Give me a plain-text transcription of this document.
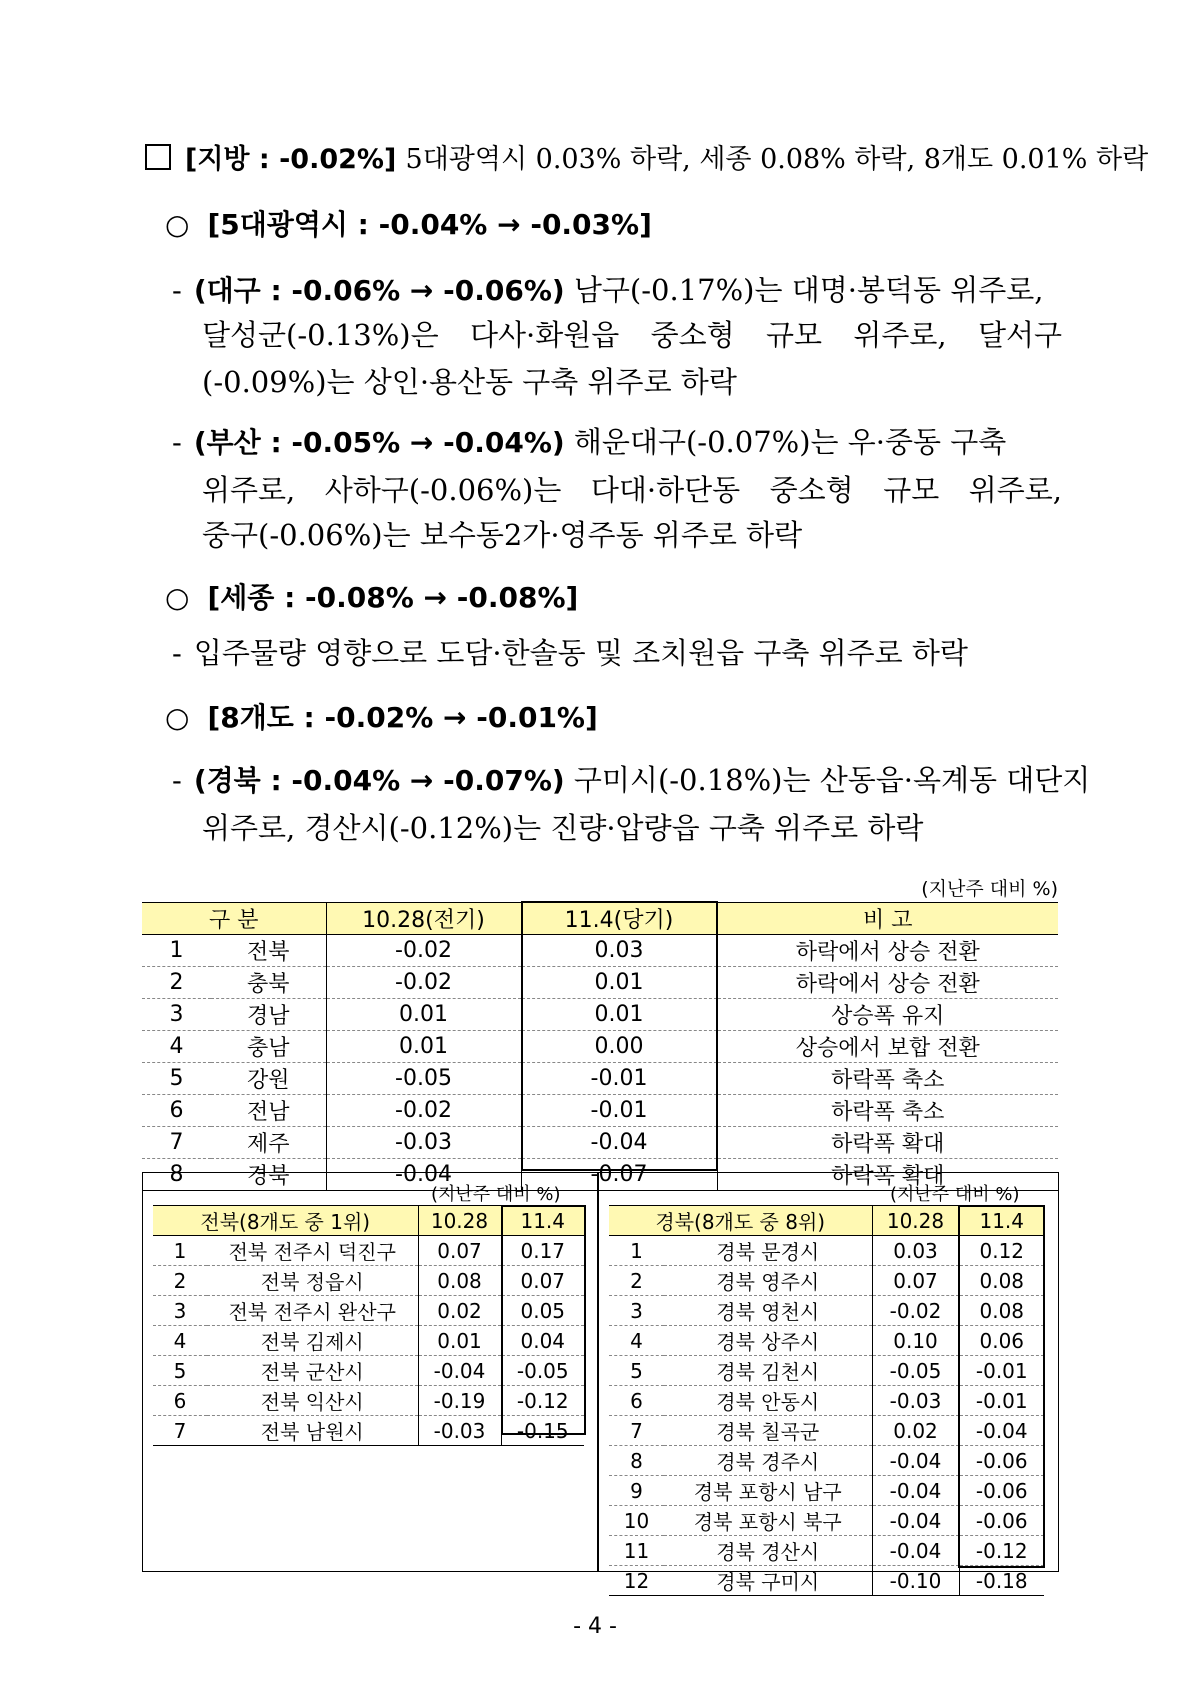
[지방 : -0.02%] 5대광역시 0.03% 하락, 세종 0.08% 하락, 8개도 0.01% 하락
○ [5대광역시 : -0.04% → -0.03%]
- (대구 : -0.06% → -0.06%) 남구(-0.17%)는 대명·봉덕동 위주로,
달성군(-0.13%)은 다사·화원읍 중소형 규모 위주로, 달서구
(-0.09%)는 상인·용산동 구축 위주로 하락
- (부산 : -0.05% → -0.04%) 해운대구(-0.07%)는 우·중동 구축
위주로, 사하구(-0.06%)는 다대·하단동 중소형 규모 위주로,
중구(-0.06%)는 보수동2가·영주동 위주로 하락
○ [세종 : -0.08% → -0.08%]
- 입주물량 영향으로 도담·한솔동 및 조치원읍 구축 위주로 하락
○ [8개도 : -0.02% → -0.01%]
- (경북 : -0.04% → -0.07%) 구미시(-0.18%)는 산동읍·옥계동 대단지
위주로, 경산시(-0.12%)는 진량·압량읍 구축 위주로 하락
(지난주 대비 %)
구 분		10.28(전기)	11.4(당기)	비 고
1	전북	-0.02	0.03	하락에서 상승 전환
2	충북	-0.02	0.01	하락에서 상승 전환
3	경남	0.01	0.01	상승폭 유지
4	충남	0.01	0.00	상승에서 보합 전환
5	강원	-0.05	-0.01	하락폭 축소
6	전남	-0.02	-0.01	하락폭 축소
7	제주	-0.03	-0.04	하락폭 확대
8	경북	-0.04	-0.07	하락폭 확대
(지난주 대비 %)
전북(8개도 중 1위)		10.28	11.4
1	전북 전주시 덕진구	0.07	0.17
2	전북 정읍시	0.08	0.07
3	전북 전주시 완산구	0.02	0.05
4	전북 김제시	0.01	0.04
5	전북 군산시	-0.04	-0.05
6	전북 익산시	-0.19	-0.12
7	전북 남원시	-0.03	-0.15
(지난주 대비 %)
경북(8개도 중 8위)		10.28	11.4
1	경북 문경시	0.03	0.12
2	경북 영주시	0.07	0.08
3	경북 영천시	-0.02	0.08
4	경북 상주시	0.10	0.06
5	경북 김천시	-0.05	-0.01
6	경북 안동시	-0.03	-0.01
7	경북 칠곡군	0.02	-0.04
8	경북 경주시	-0.04	-0.06
9	경북 포항시 남구	-0.04	-0.06
10	경북 포항시 북구	-0.04	-0.06
11	경북 경산시	-0.04	-0.12
12	경북 구미시	-0.10	-0.18
- 4 -
